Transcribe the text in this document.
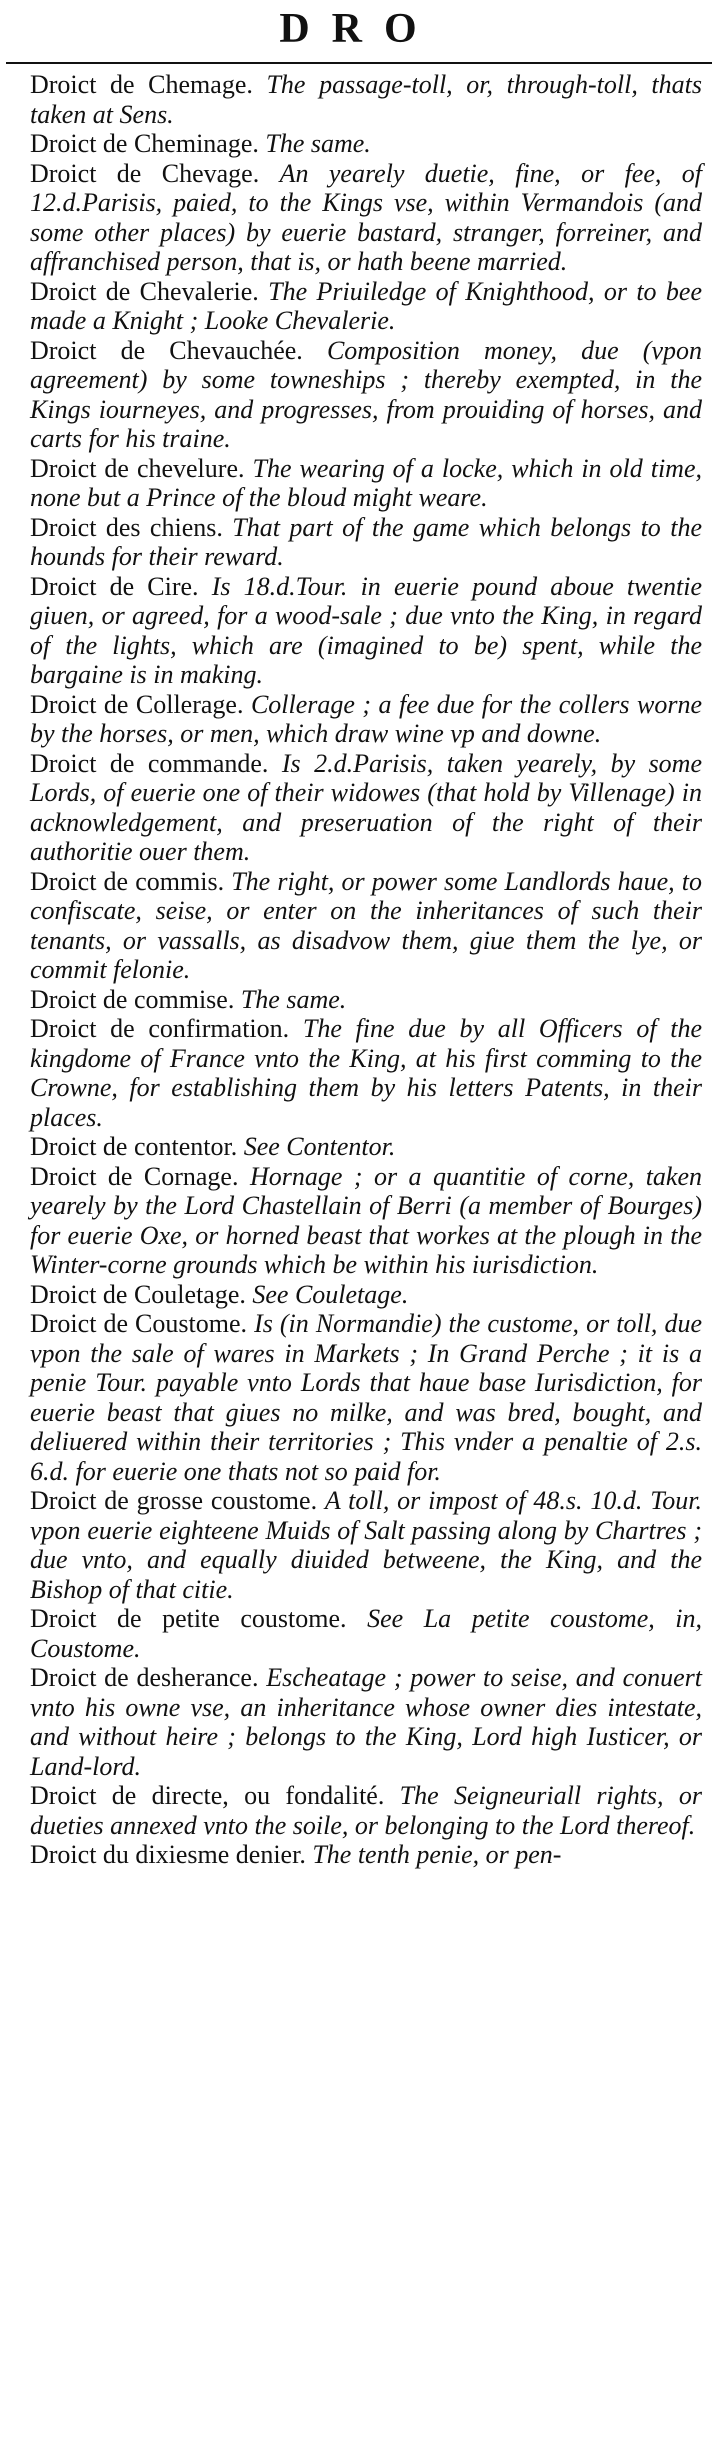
DRO

Droict de Chemage. The passage-toll, or, through-toll, thats taken at Sens.

Droict de Cheminage. The same.

Droict de Chevage. An yearely duetie, fine, or fee, of 12.d.Parisis, paied, to the Kings vse, within Vermandois (and some other places) by euerie bastard, stranger, forreiner, and affranchised person, that is, or hath beene married.

Droict de Chevalerie. The Priuiledge of Knighthood, or to bee made a Knight ; Looke Chevalerie.

Droict de Chevauchée. Composition money, due (vpon agreement) by some towneships ; thereby exempted, in the Kings iourneyes, and progresses, from prouiding of horses, and carts for his traine.

Droict de chevelure. The wearing of a locke, which in old time, none but a Prince of the bloud might weare.

Droict des chiens. That part of the game which belongs to the hounds for their reward.

Droict de Cire. Is 18.d.Tour. in euerie pound aboue twentie giuen, or agreed, for a wood-sale ; due vnto the King, in regard of the lights, which are (imagined to be) spent, while the bargaine is in making.

Droict de Collerage. Collerage ; a fee due for the collers worne by the horses, or men, which draw wine vp and downe.

Droict de commande. Is 2.d.Parisis, taken yearely, by some Lords, of euerie one of their widowes (that hold by Villenage) in acknowledgement, and preseruation of the right of their authoritie ouer them.

Droict de commis. The right, or power some Landlords haue, to confiscate, seise, or enter on the inheritances of such their tenants, or vassalls, as disadvow them, giue them the lye, or commit felonie.

Droict de commise. The same.

Droict de confirmation. The fine due by all Officers of the kingdome of France vnto the King, at his first comming to the Crowne, for establishing them by his letters Patents, in their places.

Droict de contentor. See Contentor.

Droict de Cornage. Hornage ; or a quantitie of corne, taken yearely by the Lord Chastellain of Berri (a member of Bourges) for euerie Oxe, or horned beast that workes at the plough in the Winter-corne grounds which be within his iurisdiction.

Droict de Couletage. See Couletage.

Droict de Coustome. Is (in Normandie) the custome, or toll, due vpon the sale of wares in Markets ; In Grand Perche ; it is a penie Tour. payable vnto Lords that haue base Iurisdiction, for euerie beast that giues no milke, and was bred, bought, and deliuered within their territories ; This vnder a penaltie of 2.s. 6.d. for euerie one thats not so paid for.

Droict de grosse coustome. A toll, or impost of 48.s. 10.d. Tour. vpon euerie eighteene Muids of Salt passing along by Chartres ; due vnto, and equally diuided betweene, the King, and the Bishop of that citie.

Droict de petite coustome. See La petite coustome, in, Coustome.

Droict de desherance. Escheatage ; power to seise, and conuert vnto his owne vse, an inheritance whose owner dies intestate, and without heire ; belongs to the King, Lord high Iusticer, or Land-lord.

Droict de directe, ou fondalité. The Seigneuriall rights, or dueties annexed vnto the soile, or belonging to the Lord thereof.

Droict du dixiesme denier. The tenth penie, or pen-
